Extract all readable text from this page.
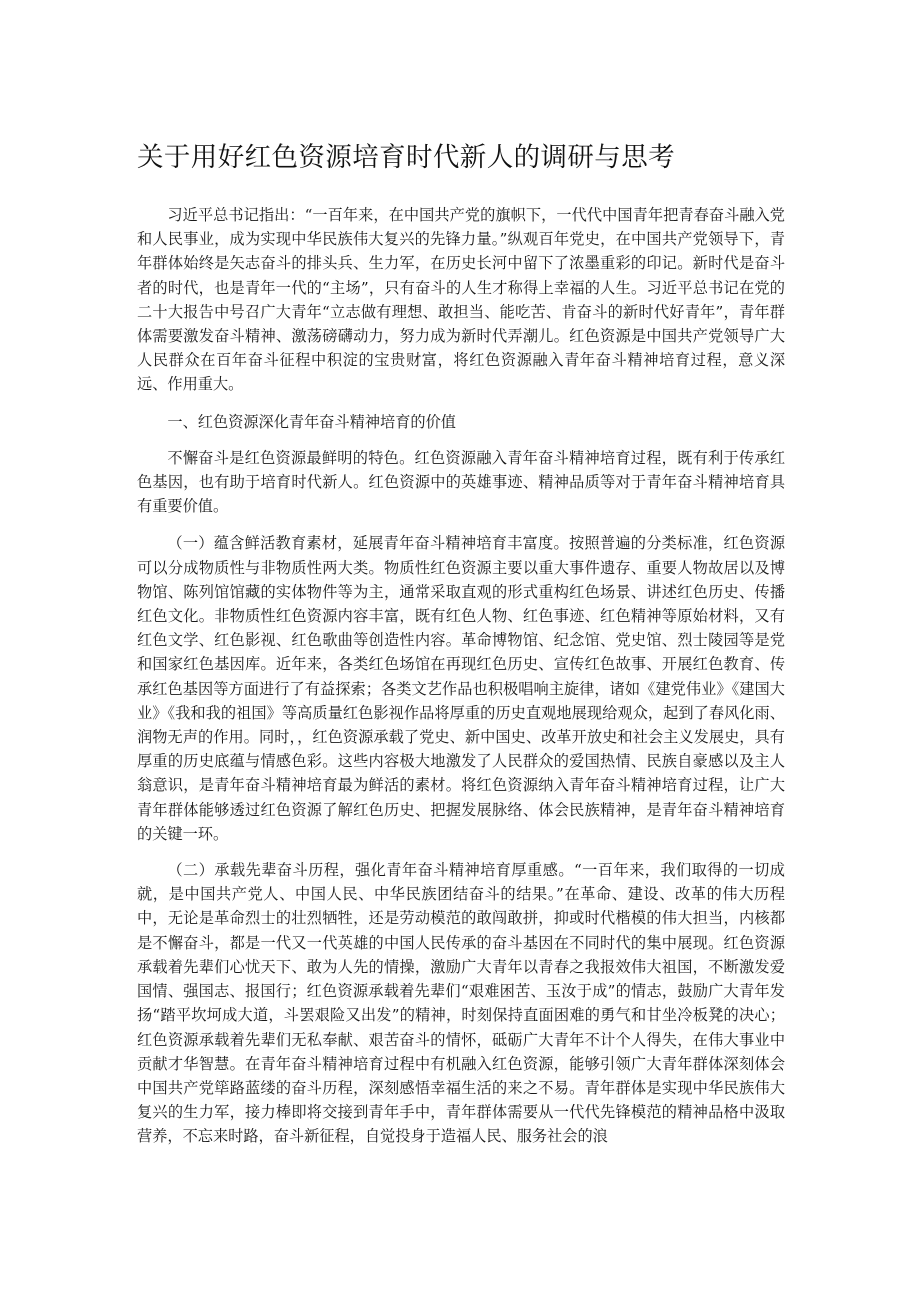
关于用好红色资源培育时代新人的调研与思考

习近平总书记指出：“一百年来，在中国共产党的旗帜下，一代代中国青年把青春奋斗融入党和人民事业，成为实现中华民族伟大复兴的先锋力量。”纵观百年党史，在中国共产党领导下，青年群体始终是矢志奋斗的排头兵、生力军，在历史长河中留下了浓墨重彩的印记。新时代是奋斗者的时代，也是青年一代的“主场”，只有奋斗的人生才称得上幸福的人生。习近平总书记在党的二十大报告中号召广大青年“立志做有理想、敢担当、能吃苦、肯奋斗的新时代好青年”，青年群体需要激发奋斗精神、激荡磅礴动力，努力成为新时代弄潮儿。红色资源是中国共产党领导广大人民群众在百年奋斗征程中积淀的宝贵财富，将红色资源融入青年奋斗精神培育过程，意义深远、作用重大。

一、红色资源深化青年奋斗精神培育的价值

不懈奋斗是红色资源最鲜明的特色。红色资源融入青年奋斗精神培育过程，既有利于传承红色基因，也有助于培育时代新人。红色资源中的英雄事迹、精神品质等对于青年奋斗精神培育具有重要价值。

（一）蕴含鲜活教育素材，延展青年奋斗精神培育丰富度。按照普遍的分类标准，红色资源可以分成物质性与非物质性两大类。物质性红色资源主要以重大事件遗存、重要人物故居以及博物馆、陈列馆馆藏的实体物件等为主，通常采取直观的形式重构红色场景、讲述红色历史、传播红色文化。非物质性红色资源内容丰富，既有红色人物、红色事迹、红色精神等原始材料，又有红色文学、红色影视、红色歌曲等创造性内容。革命博物馆、纪念馆、党史馆、烈士陵园等是党和国家红色基因库。近年来，各类红色场馆在再现红色历史、宣传红色故事、开展红色教育、传承红色基因等方面进行了有益探索；各类文艺作品也积极唱响主旋律，诸如《建党伟业》《建国大业》《我和我的祖国》等高质量红色影视作品将厚重的历史直观地展现给观众，起到了春风化雨、润物无声的作用。同时，，红色资源承载了党史、新中国史、改革开放史和社会主义发展史，具有厚重的历史底蕴与情感色彩。这些内容极大地激发了人民群众的爱国热情、民族自豪感以及主人翁意识，是青年奋斗精神培育最为鲜活的素材。将红色资源纳入青年奋斗精神培育过程，让广大青年群体能够透过红色资源了解红色历史、把握发展脉络、体会民族精神，是青年奋斗精神培育的关键一环。

（二）承载先辈奋斗历程，强化青年奋斗精神培育厚重感。“一百年来，我们取得的一切成就，是中国共产党人、中国人民、中华民族团结奋斗的结果。”在革命、建设、改革的伟大历程中，无论是革命烈士的壮烈牺牲，还是劳动模范的敢闯敢拼，抑或时代楷模的伟大担当，内核都是不懈奋斗，都是一代又一代英雄的中国人民传承的奋斗基因在不同时代的集中展现。红色资源承载着先辈们心忧天下、敢为人先的情操，激励广大青年以青春之我报效伟大祖国，不断激发爱国情、强国志、报国行；红色资源承载着先辈们“艰难困苦、玉汝于成”的情志，鼓励广大青年发扬“踏平坎坷成大道，斗罢艰险又出发”的精神，时刻保持直面困难的勇气和甘坐冷板凳的决心；红色资源承载着先辈们无私奉献、艰苦奋斗的情怀，砥砺广大青年不计个人得失，在伟大事业中贡献才华智慧。在青年奋斗精神培育过程中有机融入红色资源，能够引领广大青年群体深刻体会中国共产党筚路蓝缕的奋斗历程，深刻感悟幸福生活的来之不易。青年群体是实现中华民族伟大复兴的生力军，接力棒即将交接到青年手中，青年群体需要从一代代先锋模范的精神品格中汲取营养，不忘来时路，奋斗新征程，自觉投身于造福人民、服务社会的浪
